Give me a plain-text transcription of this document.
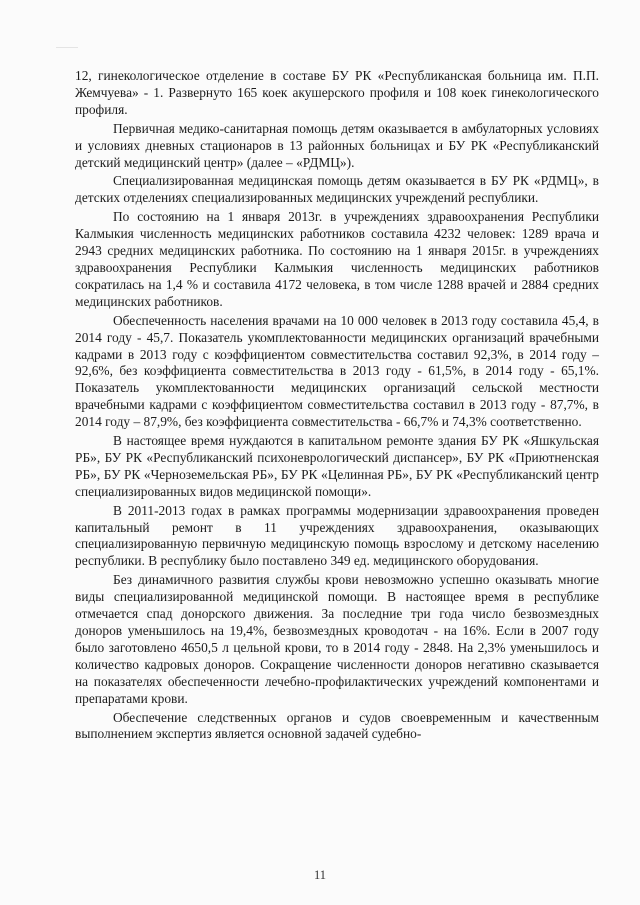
12, гинекологическое отделение в составе БУ РК «Республиканская больница им. П.П. Жемчуева» - 1. Развернуто 165 коек акушерского профиля и 108 коек гинекологического профиля.

Первичная медико-санитарная помощь детям оказывается в амбулаторных условиях и условиях дневных стационаров в 13 районных больницах и БУ РК «Республиканский детский медицинский центр» (далее – «РДМЦ»).

Специализированная медицинская помощь детям оказывается в БУ РК «РДМЦ», в детских отделениях специализированных медицинских учреждений республики.

По состоянию на 1 января 2013г. в учреждениях здравоохранения Республики Калмыкия численность медицинских работников составила 4232 человек: 1289 врача и 2943 средних медицинских работника. По состоянию на 1 января 2015г. в учреждениях здравоохранения Республики Калмыкия численность медицинских работников сократилась на 1,4 % и составила 4172 человека, в том числе 1288 врачей и 2884 средних медицинских работников.

Обеспеченность населения врачами на 10 000 человек в 2013 году составила 45,4, в 2014 году - 45,7. Показатель укомплектованности медицинских организаций врачебными кадрами в 2013 году с коэффициентом совместительства составил 92,3%, в 2014 году – 92,6%, без коэффициента совместительства в 2013 году - 61,5%, в 2014 году - 65,1%. Показатель укомплектованности медицинских организаций сельской местности врачебными кадрами с коэффициентом совместительства составил в 2013 году - 87,7%, в 2014 году – 87,9%, без коэффициента совместительства - 66,7% и 74,3% соответственно.

В настоящее время нуждаются в капитальном ремонте здания БУ РК «Яшкульская РБ», БУ РК «Республиканский психоневрологический диспансер», БУ РК «Приютненская РБ», БУ РК «Черноземельская РБ», БУ РК «Целинная РБ», БУ РК «Республиканский центр специализированных видов медицинской помощи».

В 2011-2013 годах в рамках программы модернизации здравоохранения проведен капитальный ремонт в 11 учреждениях здравоохранения, оказывающих специализированную первичную медицинскую помощь взрослому и детскому населению республики. В республику было поставлено 349 ед. медицинского оборудования.

Без динамичного развития службы крови невозможно успешно оказывать многие виды специализированной медицинской помощи. В настоящее время в республике отмечается спад донорского движения. За последние три года число безвозмездных доноров уменьшилось на 19,4%, безвозмездных кроводотач - на 16%. Если в 2007 году было заготовлено 4650,5 л цельной крови, то в 2014 году - 2848. На 2,3% уменьшилось и количество кадровых доноров. Сокращение численности доноров негативно сказывается на показателях обеспеченности лечебно-профилактических учреждений компонентами и препаратами крови.

Обеспечение следственных органов и судов своевременным и качественным выполнением экспертиз является основной задачей судебно-

11
